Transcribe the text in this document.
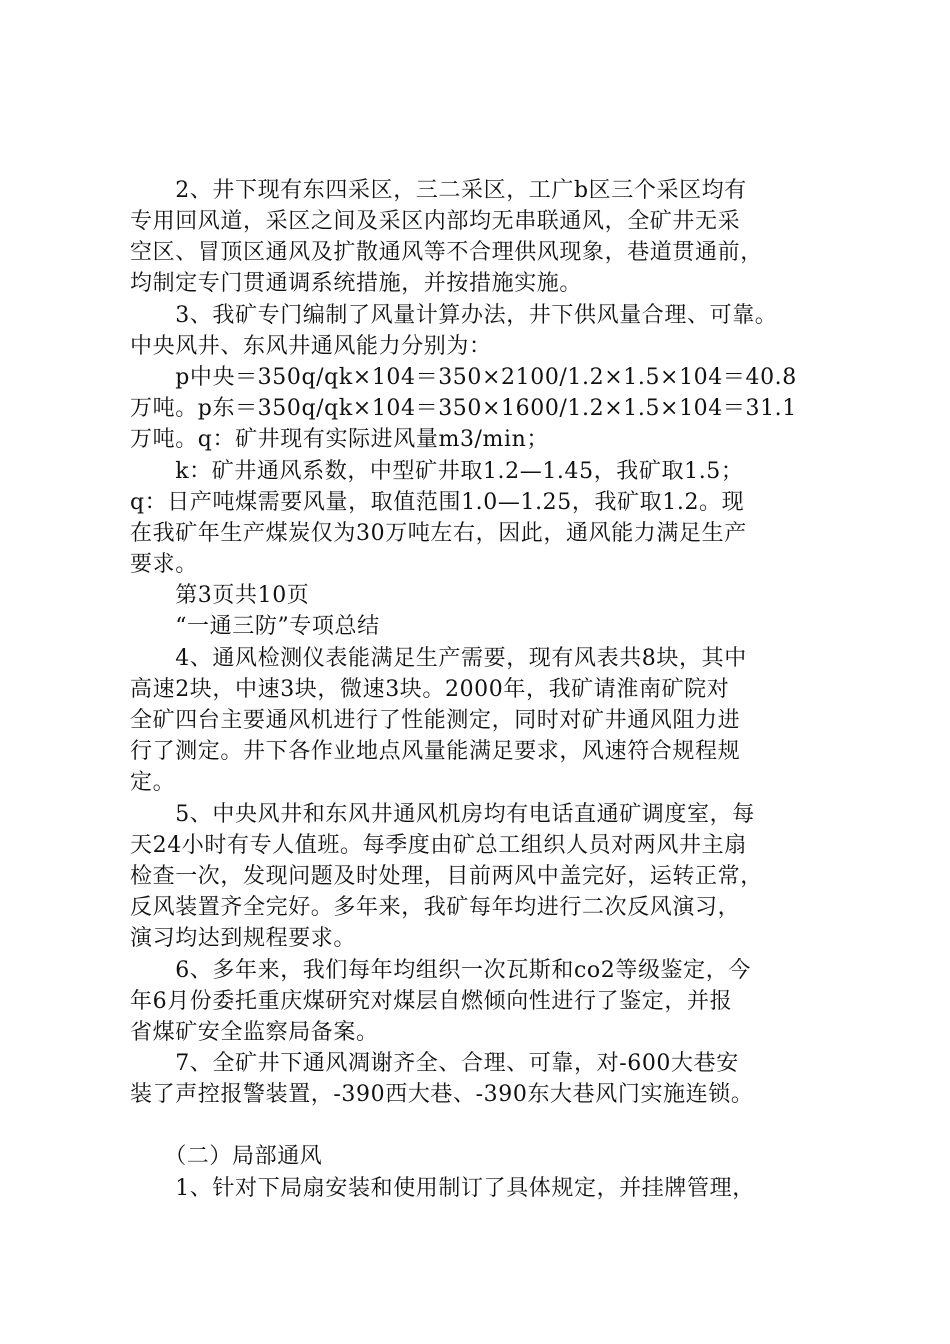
　　2、井下现有东四采区，三二采区，工广b区三个采区均有
专用回风道，采区之间及采区内部均无串联通风，全矿井无采
空区、冒顶区通风及扩散通风等不合理供风现象，巷道贯通前，
均制定专门贯通调系统措施，并按措施实施。
　　3、我矿专门编制了风量计算办法，井下供风量合理、可靠。
中央风井、东风井通风能力分别为：
　　p中央＝350q/qk×104＝350×2100/1.2×1.5×104＝40.8
万吨。p东＝350q/qk×104＝350×1600/1.2×1.5×104＝31.1
万吨。q：矿井现有实际进风量m3/min；
　　k：矿井通风系数，中型矿井取1.2—1.45，我矿取1.5；
q：日产吨煤需要风量，取值范围1.0—1.25，我矿取1.2。现
在我矿年生产煤炭仅为30万吨左右，因此，通风能力满足生产
要求。
　　第3页共10页
　　“一通三防”专项总结
　　4、通风检测仪表能满足生产需要，现有风表共8块，其中
高速2块，中速3块，微速3块。2000年，我矿请淮南矿院对
全矿四台主要通风机进行了性能测定，同时对矿井通风阻力进
行了测定。井下各作业地点风量能满足要求，风速符合规程规
定。
　　5、中央风井和东风井通风机房均有电话直通矿调度室，每
天24小时有专人值班。每季度由矿总工组织人员对两风井主扇
检查一次，发现问题及时处理，目前两风中盖完好，运转正常，
反风装置齐全完好。多年来，我矿每年均进行二次反风演习，
演习均达到规程要求。
　　6、多年来，我们每年均组织一次瓦斯和co2等级鉴定，今
年6月份委托重庆煤研究对煤层自燃倾向性进行了鉴定，并报
省煤矿安全监察局备案。
　　7、全矿井下通风凋谢齐全、合理、可靠，对-600大巷安
装了声控报警装置，-390西大巷、-390东大巷风门实施连锁。
　　（二）局部通风
　　1、针对下局扇安装和使用制订了具体规定，并挂牌管理，
